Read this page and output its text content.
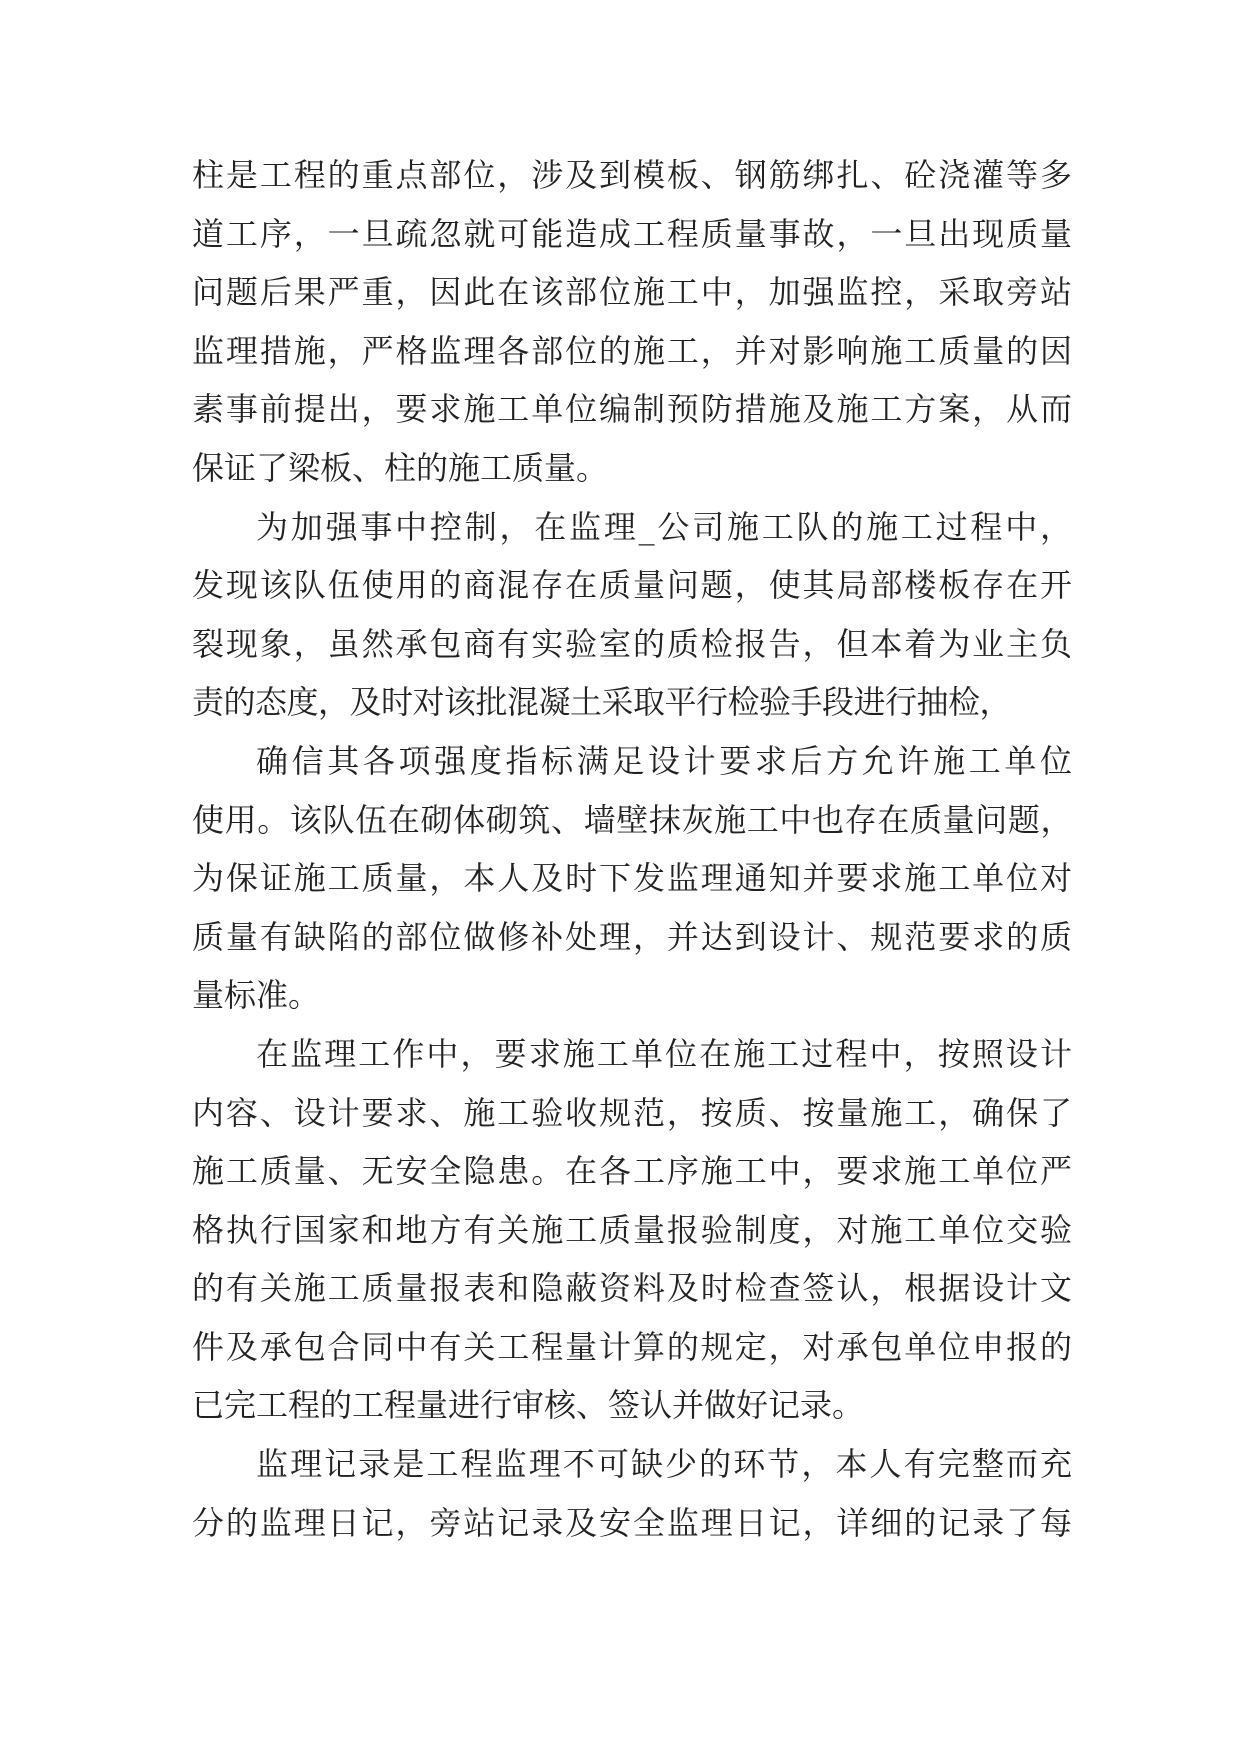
柱是工程的重点部位，涉及到模板、钢筋绑扎、砼浇灌等多
道工序，一旦疏忽就可能造成工程质量事故，一旦出现质量
问题后果严重，因此在该部位施工中，加强监控，采取旁站
监理措施，严格监理各部位的施工，并对影响施工质量的因
素事前提出，要求施工单位编制预防措施及施工方案，从而
保证了梁板、柱的施工质量。
为加强事中控制，在监理_公司施工队的施工过程中，
发现该队伍使用的商混存在质量问题，使其局部楼板存在开
裂现象，虽然承包商有实验室的质检报告，但本着为业主负
责的态度，及时对该批混凝土采取平行检验手段进行抽检，
确信其各项强度指标满足设计要求后方允许施工单位
使用。该队伍在砌体砌筑、墙壁抹灰施工中也存在质量问题，
为保证施工质量，本人及时下发监理通知并要求施工单位对
质量有缺陷的部位做修补处理，并达到设计、规范要求的质
量标准。
在监理工作中，要求施工单位在施工过程中，按照设计
内容、设计要求、施工验收规范，按质、按量施工，确保了
施工质量、无安全隐患。在各工序施工中，要求施工单位严
格执行国家和地方有关施工质量报验制度，对施工单位交验
的有关施工质量报表和隐蔽资料及时检查签认，根据设计文
件及承包合同中有关工程量计算的规定，对承包单位申报的
已完工程的工程量进行审核、签认并做好记录。
监理记录是工程监理不可缺少的环节，本人有完整而充
分的监理日记，旁站记录及安全监理日记，详细的记录了每
